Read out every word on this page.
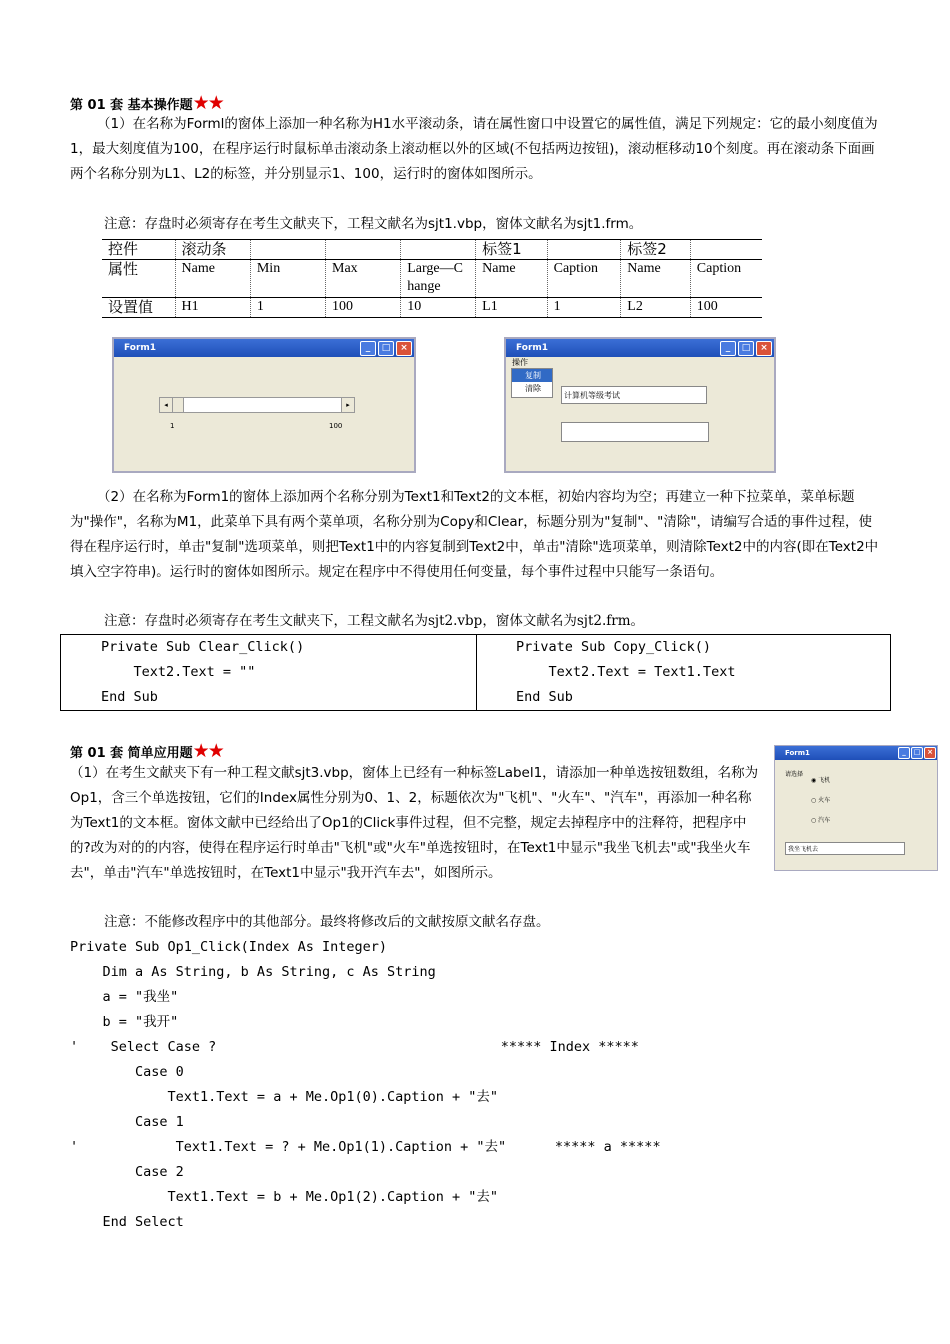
第 01 套 基本操作题★★
（1）在名称为Forml的窗体上添加一种名称为H1水平滚动条，请在属性窗口中设置它的属性值，满足下列规定：它的最小刻度值为1，最大刻度值为100，在程序运行时鼠标单击滚动条上滚动框以外的区域(不包括两边按钮)，滚动框移动10个刻度。再在滚动条下面画两个名称分别为L1、L2的标签，并分别显示1、100，运行时的窗体如图所示。
注意：存盘时必须寄存在考生文献夹下，工程文献名为sjt1.vbp，窗体文献名为sjt1.frm。
控件	滚动条				标签1		标签2	
属性	Name	Min	Max	Large—Change	Name	Caption	Name	Caption
设置值	H1	1	100	10	L1	1	L2	100
Form1	_	□	×
◂	▸
1	100
Form1	_	□	×
操作
复制
清除
计算机等级考试
（2）在名称为Form1的窗体上添加两个名称分别为Text1和Text2的文本框，初始内容均为空；再建立一种下拉菜单，菜单标题为"操作"，名称为M1，此菜单下具有两个菜单项，名称分别为Copy和Clear，标题分别为"复制"、"清除"，请编写合适的事件过程，使得在程序运行时，单击"复制"选项菜单，则把Text1中的内容复制到Text2中，单击"清除"选项菜单，则清除Text2中的内容(即在Text2中填入空字符串)。运行时的窗体如图所示。规定在程序中不得使用任何变量，每个事件过程中只能写一条语句。
注意：存盘时必须寄存在考生文献夹下，工程文献名为sjt2.vbp，窗体文献名为sjt2.frm。
Private Sub Clear_Click()
Text2.Text = ""
End Sub
Private Sub Copy_Click()
Text2.Text = Text1.Text
End Sub
第 01 套 简单应用题★★
（1）在考生文献夹下有一种工程文献sjt3.vbp，窗体上已经有一种标签Label1，请添加一种单选按钮数组，名称为Op1，含三个单选按钮，它们的Index属性分别为0、1、2，标题依次为"飞机"、"火车"、"汽车"，再添加一种名称为Text1的文本框。窗体文献中已经给出了Op1的Click事件过程，但不完整，规定去掉程序中的注释符，把程序中的?改为对的的内容，使得在程序运行时单击"飞机"或"火车"单选按钮时，在Text1中显示"我坐飞机去"或"我坐火车去"，单击"汽车"单选按钮时，在Text1中显示"我开汽车去"，如图所示。
注意：不能修改程序中的其他部分。最终将修改后的文献按原文献名存盘。
Form1	_	□ ×
请选择
◉ 飞机
○ 火车
○ 汽车
我坐飞机去
Private Sub Op1_Click(Index As Integer)
Dim a As String, b As String, c As String
a = "我坐"
b = "我开"
'    Select Case ?                                   ***** Index *****
Case 0
Text1.Text = a + Me.Op1(0).Caption + "去"
Case 1
'            Text1.Text = ? + Me.Op1(1).Caption + "去"      ***** a *****
Case 2
Text1.Text = b + Me.Op1(2).Caption + "去"
End Select
